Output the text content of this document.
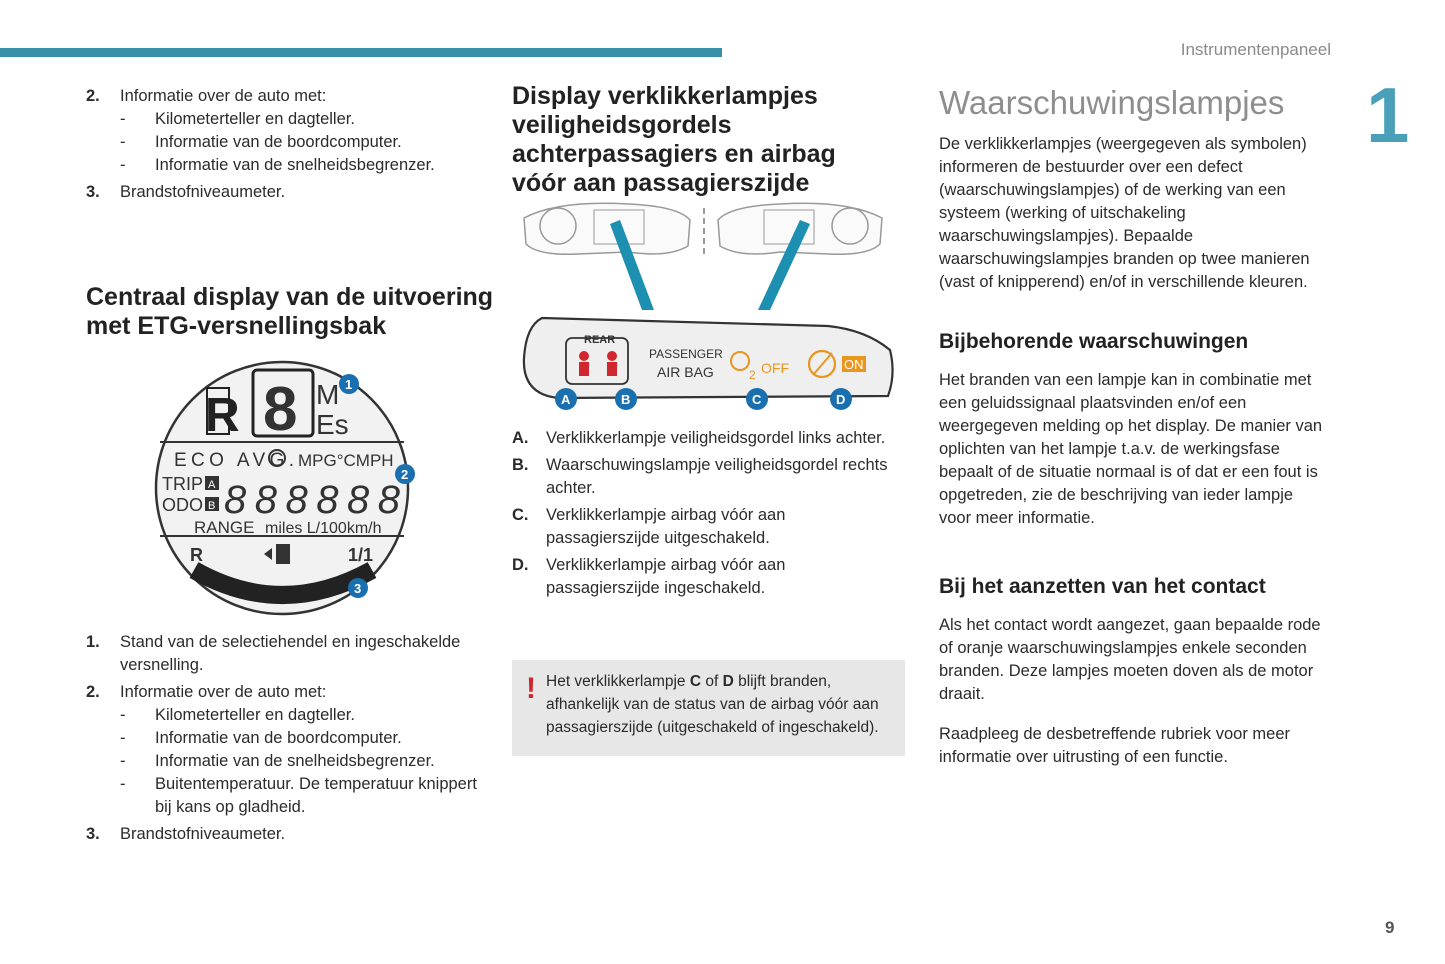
Instrumentenpaneel
1
9
2. Informatie over de auto met:
- Kilometerteller en dagteller.
- Informatie van de boordcomputer.
- Informatie van de snelheidsbegrenzer.
3. Brandstofniveaumeter.
Centraal display van de uitvoering
met ETG-versnellingsbak
R 8 M
Es
ECO AVG. MPG°CMPH
TRIP
ODO
A
B 888888
RANGE miles L/100km/h
R	1/1
1
2
3
1. Stand van de selectiehendel en ingeschakelde versnelling.
2. Informatie over de auto met:
- Kilometerteller en dagteller.
- Informatie van de boordcomputer.
- Informatie van de snelheidsbegrenzer.
- Buitentemperatuur. De temperatuur knippert bij kans op gladheid.
3. Brandstofniveaumeter.
Display verklikkerlampjes
veiligheidsgordels
achterpassagiers en airbag
vóór aan passagierszijde
REAR
PASSENGER
AIR BAG	2 OFF	ON
A	B	C	D
A. Verklikkerlampje veiligheidsgordel links achter.
B. Waarschuwingslampje veiligheidsgordel rechts achter.
C. Verklikkerlampje airbag vóór aan passagierszijde uitgeschakeld.
D. Verklikkerlampje airbag vóór aan passagierszijde ingeschakeld.
! Het verklikkerlampje C of D blijft branden, afhankelijk van de status van de airbag vóór aan passagierszijde (uitgeschakeld of ingeschakeld).
Waarschuwingslampjes

De verklikkerlampjes (weergegeven als symbolen) informeren de bestuurder over een defect (waarschuwingslampjes) of de werking van een systeem (werking of uitschakeling waarschuwingslampjes). Bepaalde waarschuwingslampjes branden op twee manieren (vast of knipperend) en/of in verschillende kleuren.

Bijbehorende waarschuwingen

Het branden van een lampje kan in combinatie met een geluidssignaal plaatsvinden en/of een weergegeven melding op het display. De manier van oplichten van het lampje t.a.v. de werkingsfase bepaalt of de situatie normaal is of dat er een fout is opgetreden, zie de beschrijving van ieder lampje voor meer informatie.

Bij het aanzetten van het contact

Als het contact wordt aangezet, gaan bepaalde rode of oranje waarschuwingslampjes enkele seconden branden. Deze lampjes moeten doven als de motor draait.

Raadpleeg de desbetreffende rubriek voor meer informatie over uitrusting of een functie.
